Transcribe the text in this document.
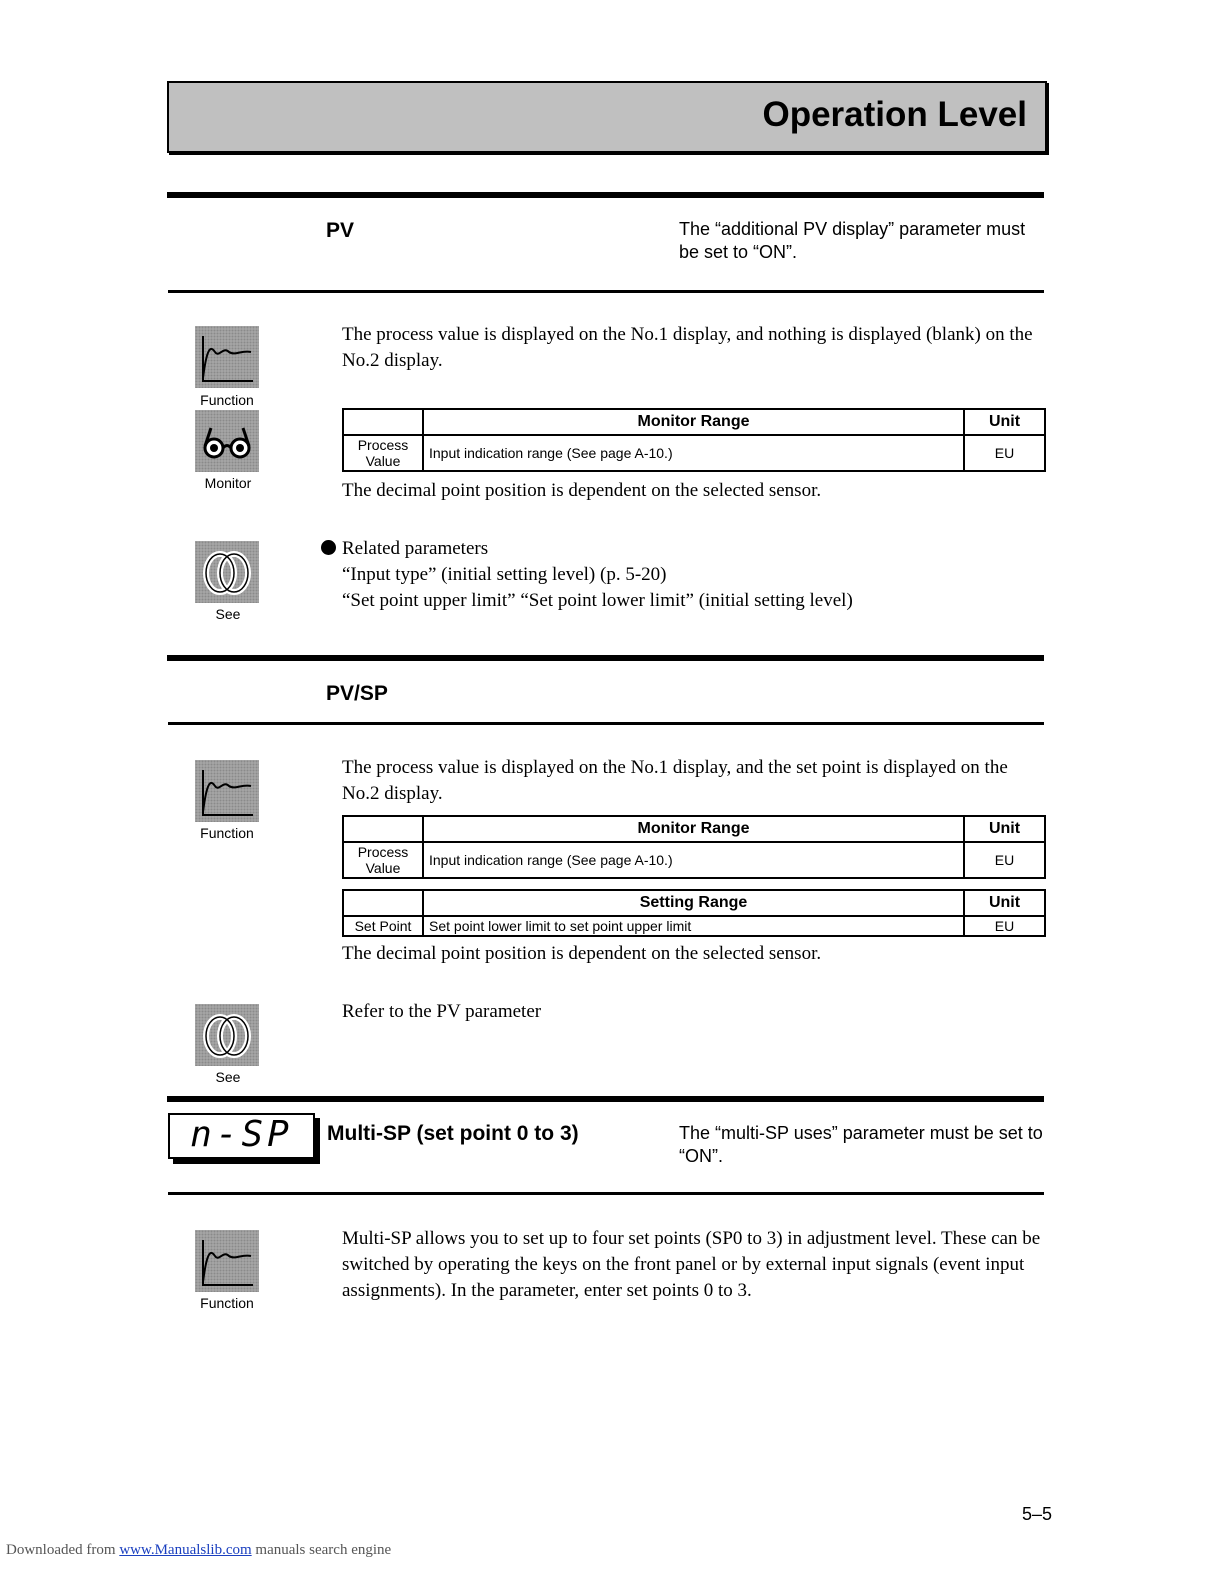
Operation Level
PV	The “additional PV display” parameter must be set to “ON”.
Function
Monitor
The process value is displayed on the No.1 display, and nothing is displayed (blank) on the No.2 display.
	Monitor Range	Unit
Process Value	Input indication range (See page A-10.)	EU
The decimal point position is dependent on the selected sensor.
See
Related parameters
“Input type” (initial setting level) (p. 5-20)
“Set point upper limit” “Set point lower limit” (initial setting level)
PV/SP
Function
The process value is displayed on the No.1 display, and the set point is displayed on the No.2 display.
	Monitor Range	Unit
Process Value	Input indication range (See page A-10.)	EU
	Setting Range	Unit
Set Point	Set point lower limit to set point upper limit	EU
The decimal point position is dependent on the selected sensor.
See
Refer to the PV parameter
n-SP	Multi-SP (set point 0 to 3)	The “multi-SP uses” parameter must be set to “ON”.
Function
Multi-SP allows you to set up to four set points (SP0 to 3) in adjustment level. These can be switched by operating the keys on the front panel or by external input signals (event input assignments). In the parameter, enter set points 0 to 3.
5–5
Downloaded from www.Manualslib.com manuals search engine
